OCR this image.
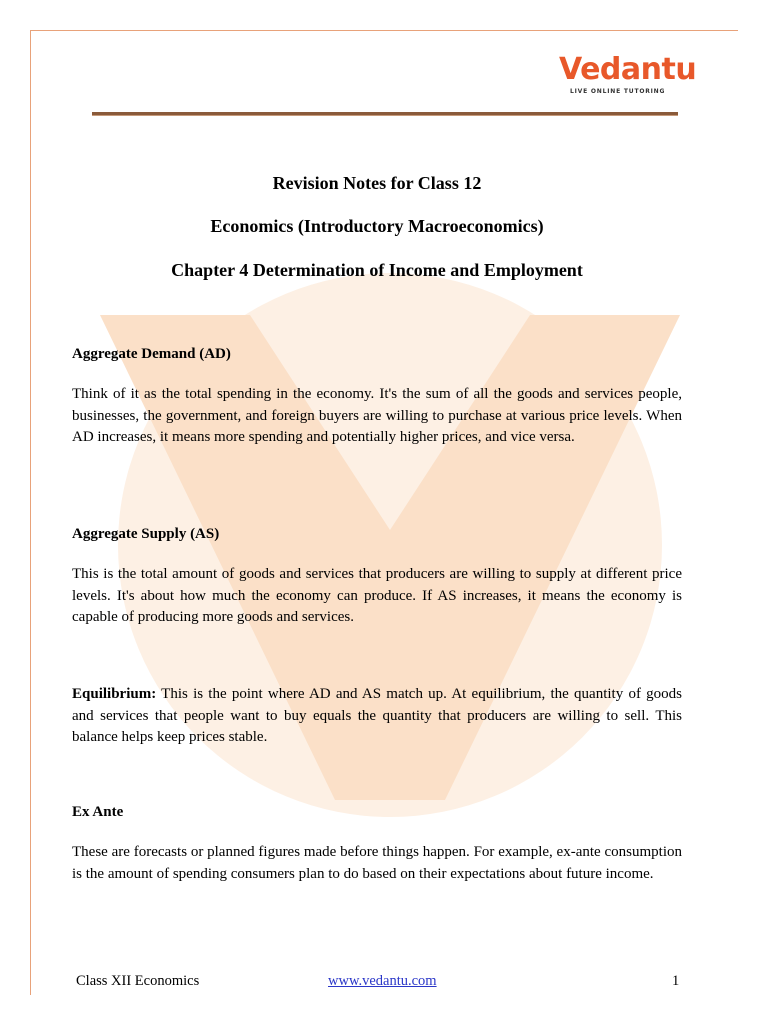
Vedantu
LIVE ONLINE TUTORING
Revision Notes for Class 12
Economics (Introductory Macroeconomics)
Chapter 4 Determination of Income and Employment
Aggregate Demand (AD)
Think of it as the total spending in the economy. It's the sum of all the goods and services people, businesses, the government, and foreign buyers are willing to purchase at various price levels. When AD increases, it means more spending and potentially higher prices, and vice versa.
Aggregate Supply (AS)
This is the total amount of goods and services that producers are willing to supply at different price levels. It's about how much the economy can produce. If AS increases, it means the economy is capable of producing more goods and services.
Equilibrium: This is the point where AD and AS match up. At equilibrium, the quantity of goods and services that people want to buy equals the quantity that producers are willing to sell. This balance helps keep prices stable.
Ex Ante
These are forecasts or planned figures made before things happen. For example, ex-ante consumption is the amount of spending consumers plan to do based on their expectations about future income.
Class XII Economics	www.vedantu.com	1
